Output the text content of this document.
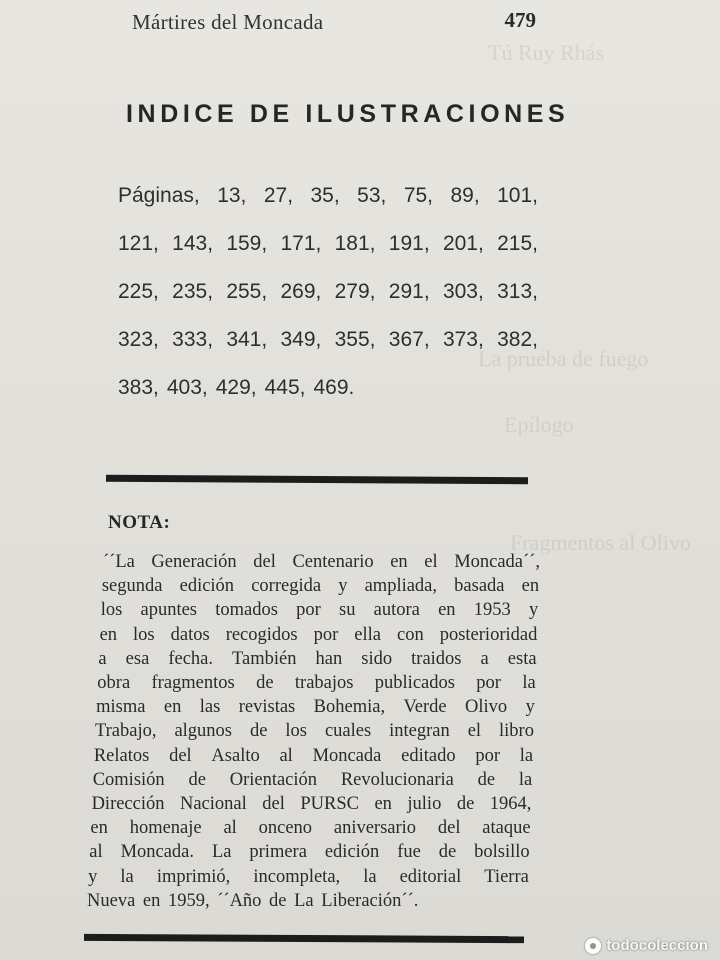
Tú Ruy Rhás
La prueba de fuego
Epílogo
Fragmentos al Olivo
Mártires del Moncada	479
INDICE DE ILUSTRACIONES
Páginas, 13, 27, 35, 53, 75, 89, 101,
121, 143, 159, 171, 181, 191, 201, 215,
225, 235, 255, 269, 279, 291, 303, 313,
323, 333, 341, 349, 355, 367, 373, 382,
383, 403, 429, 445, 469.
NOTA:
´´La Generación del Centenario en el Moncada´´,
segunda edición corregida y ampliada, basada en
los apuntes tomados por su autora en 1953 y
en los datos recogidos por ella con posterioridad
a esa fecha. También han sido traidos a esta
obra fragmentos de trabajos publicados por la
misma en las revistas Bohemia, Verde Olivo y
Trabajo, algunos de los cuales integran el libro
Relatos del Asalto al Moncada editado por la
Comisión de Orientación Revolucionaria de la
Dirección Nacional del PURSC en julio de 1964,
en homenaje al onceno aniversario del ataque
al Moncada. La primera edición fue de bolsillo
y la imprimió, incompleta, la editorial Tierra
Nueva en 1959, ´´Año de La Liberación´´.
todocoleccion
